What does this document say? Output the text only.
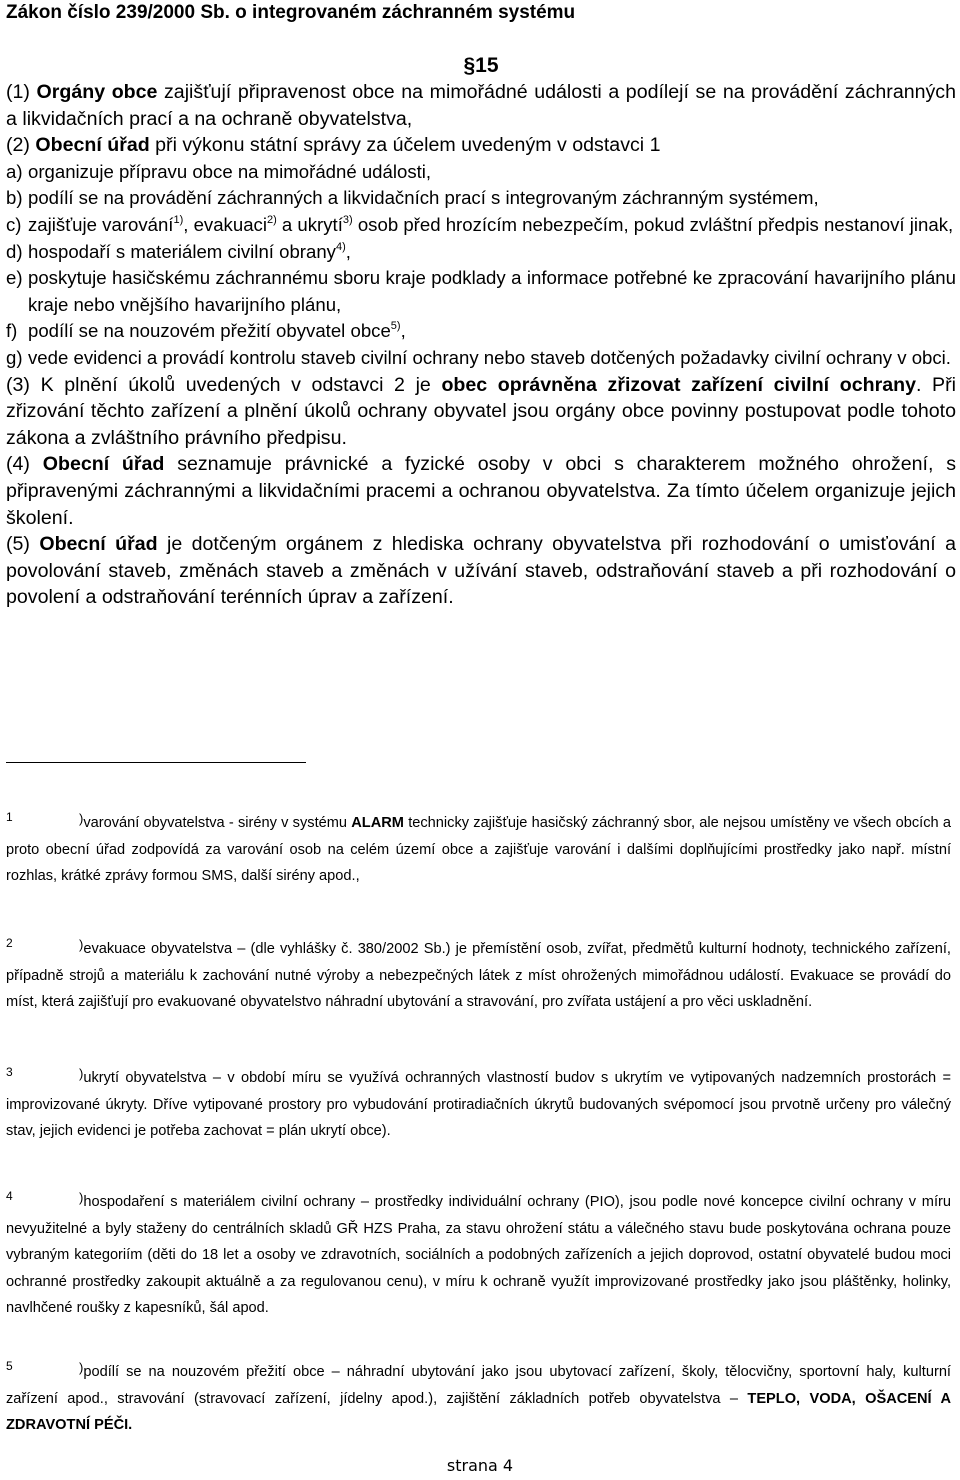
Zákon číslo 239/2000 Sb. o integrovaném záchranném systému
§15

(1) Orgány obce zajišťují připravenost obce na mimořádné události a podílejí se na provádění záchranných a likvidačních prací a na ochraně obyvatelstva,

(2) Obecní úřad při výkonu státní správy za účelem uvedeným v odstavci 1

a) organizuje přípravu obce na mimořádné události,
b) podílí se na provádění záchranných a likvidačních prací s integrovaným záchranným systémem,
c) zajišťuje varování$^{1)}$, evakuaci$^{2)}$ a ukrytí$^{3)}$ osob před hrozícím nebezpečím, pokud zvláštní předpis nestanoví jinak,
d) hospodaří s materiálem civilní obrany$^{4)}$,
e) poskytuje hasičskému záchrannému sboru kraje podklady a informace potřebné ke zpracování havarijního plánu kraje nebo vnějšího havarijního plánu,
f) podílí se na nouzovém přežití obyvatel obce$^{5)}$,
g) vede evidenci a provádí kontrolu staveb civilní ochrany nebo staveb dotčených požadavky civilní ochrany v obci.

(3) K plnění úkolů uvedených v odstavci 2 je obec oprávněna zřizovat zařízení civilní ochrany. Při zřizování těchto zařízení a plnění úkolů ochrany obyvatel jsou orgány obce povinny postupovat podle tohoto zákona a zvláštního právního předpisu.

(4) Obecní úřad seznamuje právnické a fyzické osoby v obci s charakterem možného ohrožení, s připravenými záchrannými a likvidačními pracemi a ochranou obyvatelstva. Za tímto účelem organizuje jejich školení.

(5) Obecní úřad je dotčeným orgánem z hlediska ochrany obyvatelstva při rozhodování o umisťování a povolování staveb, změnách staveb a změnách v užívání staveb, odstraňování staveb a při rozhodování o povolení a odstraňování terénních úprav a zařízení.

1	)varování obyvatelstva - sirény v systému ALARM technicky zajišťuje hasičský záchranný sbor, ale nejsou umístěny ve všech obcích a proto obecní úřad zodpovídá za varování osob na celém území obce a zajišťuje varování i dalšími doplňujícími prostředky jako např. místní rozhlas, krátké zprávy formou SMS, další sirény apod.,

2	)evakuace obyvatelstva – (dle vyhlášky č. 380/2002 Sb.) je přemístění osob, zvířat, předmětů kulturní hodnoty, technického zařízení, případně strojů a materiálu k zachování nutné výroby a nebezpečných látek z míst ohrožených mimořádnou událostí. Evakuace se provádí do míst, která zajišťují pro evakuované obyvatelstvo náhradní ubytování a stravování, pro zvířata ustájení a pro věci uskladnění.

3	)ukrytí obyvatelstva – v období míru se využívá ochranných vlastností budov s ukrytím ve vytipovaných nadzemních prostorách = improvizované úkryty. Dříve vytipované prostory pro vybudování protiradiačních úkrytů budovaných svépomocí jsou prvotně určeny pro válečný stav, jejich evidenci je potřeba zachovat = plán ukrytí obce).

4	)hospodaření s materiálem civilní ochrany – prostředky individuální ochrany (PIO), jsou podle nové koncepce civilní ochrany v míru nevyužitelné a byly staženy do centrálních skladů GŘ HZS Praha, za stavu ohrožení státu a válečného stavu bude poskytována ochrana pouze vybraným kategoriím (děti do 18 let a osoby ve zdravotních, sociálních a podobných zařízeních a jejich doprovod, ostatní obyvatelé budou moci ochranné prostředky zakoupit aktuálně a za regulovanou cenu), v míru k ochraně využít improvizované prostředky jako jsou pláštěnky, holinky, navlhčené roušky z kapesníků, šál apod.

5	)podílí se na nouzovém přežití obce – náhradní ubytování jako jsou ubytovací zařízení, školy, tělocvičny, sportovní haly, kulturní zařízení apod., stravování (stravovací zařízení, jídelny apod.), zajištění základních potřeb obyvatelstva – TEPLO, VODA, OŠACENÍ A ZDRAVOTNÍ PÉČI.

strana 4
